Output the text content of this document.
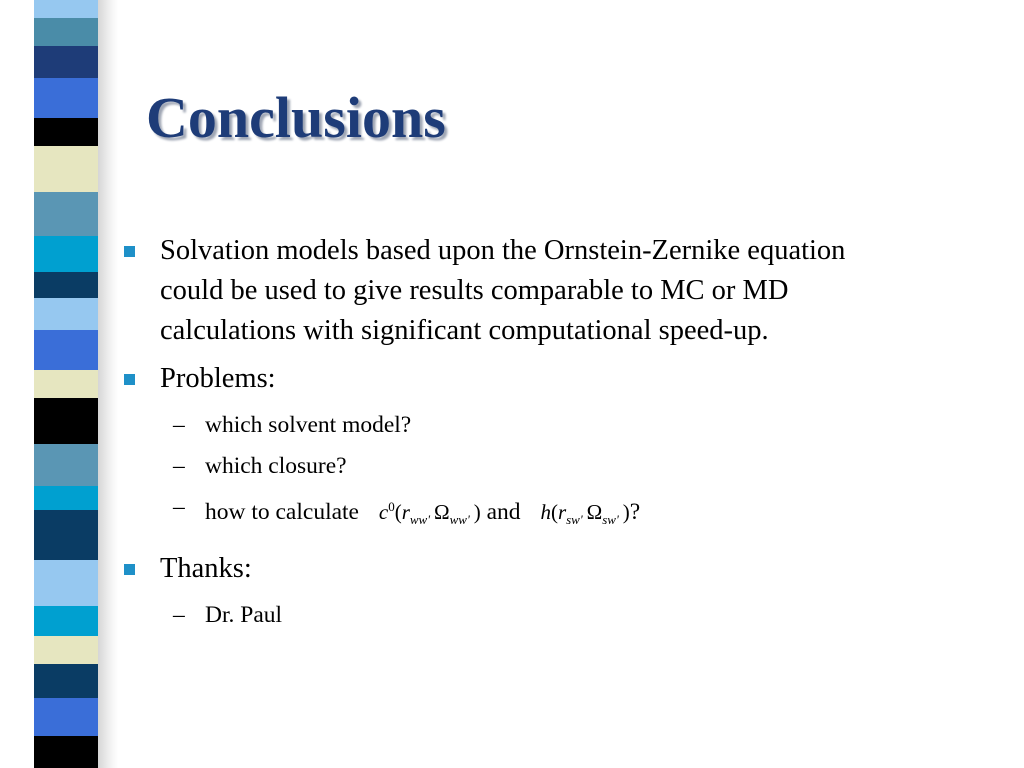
Conclusions
Solvation models based upon the Ornstein-Zernike equation
could be used to give results comparable to MC or MD
calculations with significant computational speed-up.
Problems:
– which solvent model?
– which closure?
– how to calculate $c^0(r_{ww'}$ $\Omega_{ww'}$ ) and $h(r_{sw'}$ $\Omega_{sw'}$ )?
Thanks:
– Dr. Paul
